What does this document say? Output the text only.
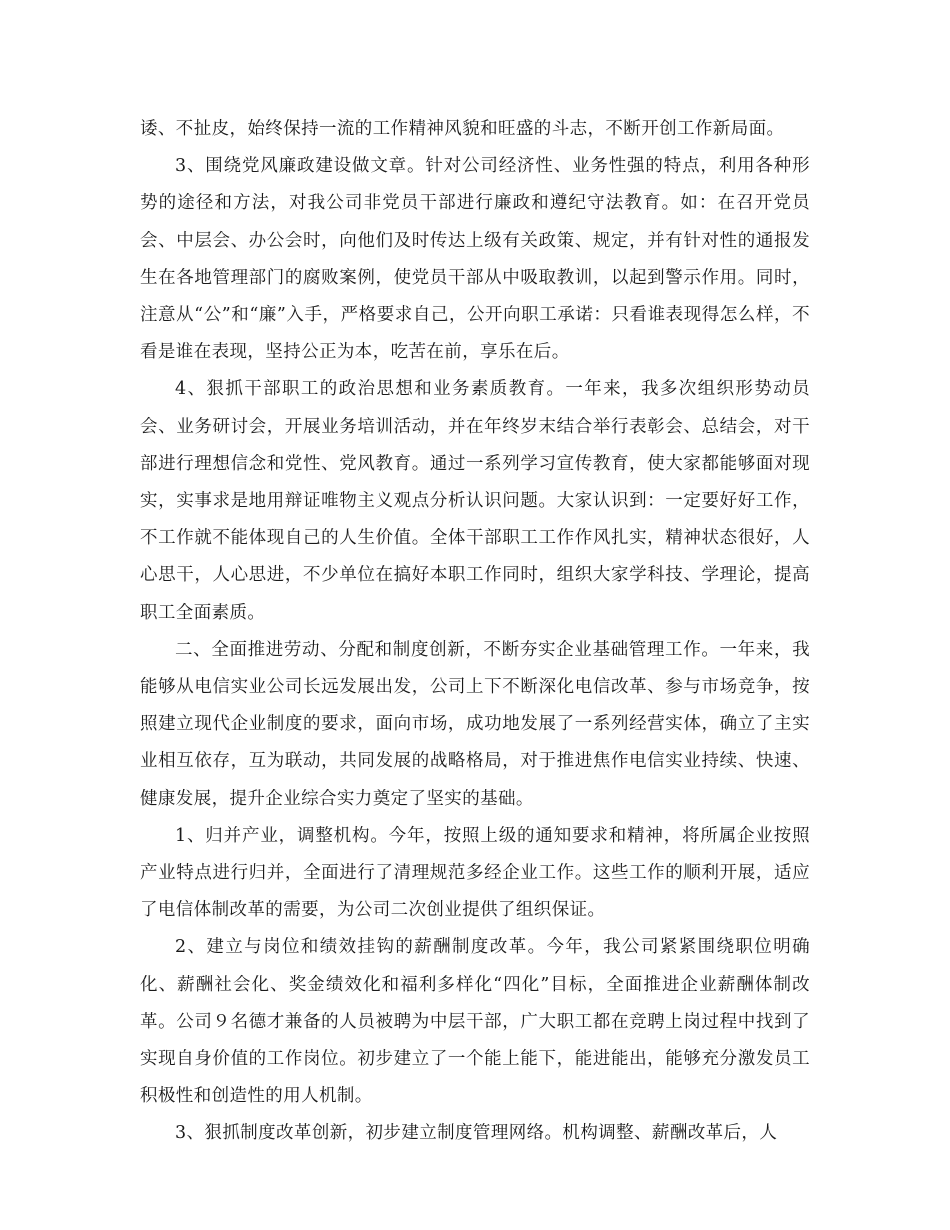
诿、不扯皮，始终保持一流的工作精神风貌和旺盛的斗志，不断开创工作新局面。

3、围绕党风廉政建设做文章。针对公司经济性、业务性强的特点，利用各种形势的途径和方法，对我公司非党员干部进行廉政和遵纪守法教育。如：在召开党员会、中层会、办公会时，向他们及时传达上级有关政策、规定，并有针对性的通报发生在各地管理部门的腐败案例，使党员干部从中吸取教训，以起到警示作用。同时，注意从“公”和“廉”入手，严格要求自己，公开向职工承诺：只看谁表现得怎么样，不看是谁在表现，坚持公正为本，吃苦在前，享乐在后。

4、狠抓干部职工的政治思想和业务素质教育。一年来，我多次组织形势动员会、业务研讨会，开展业务培训活动，并在年终岁末结合举行表彰会、总结会，对干部进行理想信念和党性、党风教育。通过一系列学习宣传教育，使大家都能够面对现实，实事求是地用辩证唯物主义观点分析认识问题。大家认识到：一定要好好工作，不工作就不能体现自己的人生价值。全体干部职工工作作风扎实，精神状态很好，人心思干，人心思进，不少单位在搞好本职工作同时，组织大家学科技、学理论，提高职工全面素质。

二、全面推进劳动、分配和制度创新，不断夯实企业基础管理工作。一年来，我能够从电信实业公司长远发展出发，公司上下不断深化电信改革、参与市场竞争，按照建立现代企业制度的要求，面向市场，成功地发展了一系列经营实体，确立了主实业相互依存，互为联动，共同发展的战略格局，对于推进焦作电信实业持续、快速、健康发展，提升企业综合实力奠定了坚实的基础。

1、归并产业，调整机构。今年，按照上级的通知要求和精神，将所属企业按照产业特点进行归并，全面进行了清理规范多经企业工作。这些工作的顺利开展，适应了电信体制改革的需要，为公司二次创业提供了组织保证。

2、建立与岗位和绩效挂钩的薪酬制度改革。今年，我公司紧紧围绕职位明确化、薪酬社会化、奖金绩效化和福利多样化“四化”目标，全面推进企业薪酬体制改革。公司９名德才兼备的人员被聘为中层干部，广大职工都在竞聘上岗过程中找到了实现自身价值的工作岗位。初步建立了一个能上能下，能进能出，能够充分激发员工积极性和创造性的用人机制。

3、狠抓制度改革创新，初步建立制度管理网络。机构调整、薪酬改革后，人
